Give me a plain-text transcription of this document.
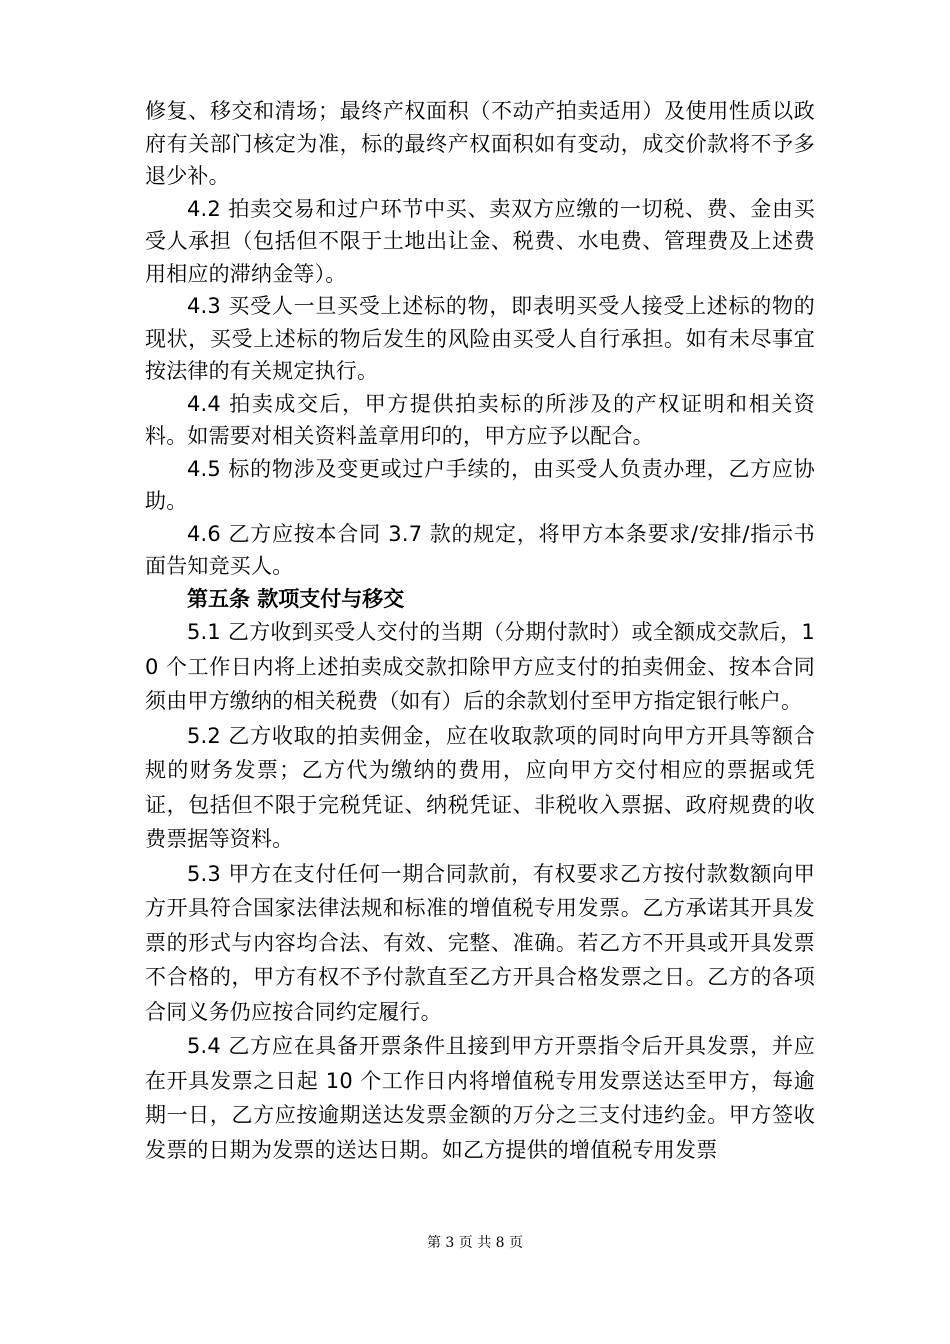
修复、移交和清场；最终产权面积（不动产拍卖适用）及使用性质以政府有关部门核定为准，标的最终产权面积如有变动，成交价款将不予多退少补。

4.2 拍卖交易和过户环节中买、卖双方应缴的一切税、费、金由买受人承担（包括但不限于土地出让金、税费、水电费、管理费及上述费用相应的滞纳金等）。

4.3 买受人一旦买受上述标的物，即表明买受人接受上述标的物的现状，买受上述标的物后发生的风险由买受人自行承担。如有未尽事宜按法律的有关规定执行。

4.4 拍卖成交后，甲方提供拍卖标的所涉及的产权证明和相关资料。如需要对相关资料盖章用印的，甲方应予以配合。

4.5 标的物涉及变更或过户手续的，由买受人负责办理，乙方应协助。

4.6 乙方应按本合同 3.7 款的规定，将甲方本条要求/安排/指示书面告知竞买人。

第五条 款项支付与移交

5.1 乙方收到买受人交付的当期（分期付款时）或全额成交款后，10 个工作日内将上述拍卖成交款扣除甲方应支付的拍卖佣金、按本合同须由甲方缴纳的相关税费（如有）后的余款划付至甲方指定银行帐户。

5.2 乙方收取的拍卖佣金，应在收取款项的同时向甲方开具等额合规的财务发票；乙方代为缴纳的费用，应向甲方交付相应的票据或凭证，包括但不限于完税凭证、纳税凭证、非税收入票据、政府规费的收费票据等资料。

5.3 甲方在支付任何一期合同款前，有权要求乙方按付款数额向甲方开具符合国家法律法规和标准的增值税专用发票。乙方承诺其开具发票的形式与内容均合法、有效、完整、准确。若乙方不开具或开具发票不合格的，甲方有权不予付款直至乙方开具合格发票之日。乙方的各项合同义务仍应按合同约定履行。

5.4 乙方应在具备开票条件且接到甲方开票指令后开具发票，并应在开具发票之日起 10 个工作日内将增值税专用发票送达至甲方，每逾期一日，乙方应按逾期送达发票金额的万分之三支付违约金。甲方签收发票的日期为发票的送达日期。如乙方提供的增值税专用发票

第 3 页 共 8 页
